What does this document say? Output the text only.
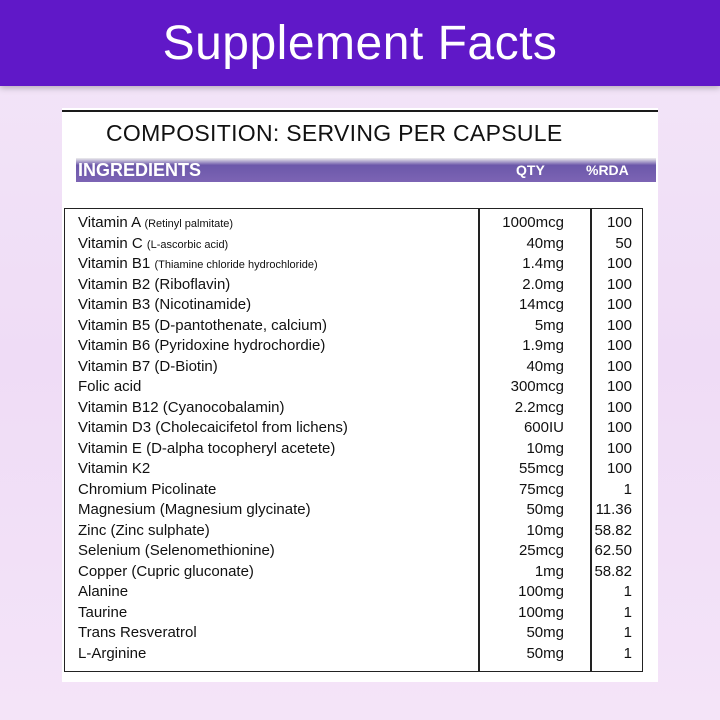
Supplement Facts
COMPOSITION: SERVING PER CAPSULE
INGREDIENTS	QTY	%RDA
Vitamin A (Retinyl palmitate)	1000mcg	100
Vitamin C (L-ascorbic acid)	40mg	50
Vitamin B1 (Thiamine chloride hydrochloride)	1.4mg	100
Vitamin B2 (Riboflavin)	2.0mg	100
Vitamin B3 (Nicotinamide)	14mcg	100
Vitamin B5 (D-pantothenate, calcium)	5mg	100
Vitamin B6 (Pyridoxine hydrochordie)	1.9mg	100
Vitamin B7 (D-Biotin)	40mg	100
Folic acid	300mcg	100
Vitamin B12 (Cyanocobalamin)	2.2mcg	100
Vitamin D3 (Cholecaicifetol from lichens)	600IU	100
Vitamin E (D-alpha tocopheryl acetete)	10mg	100
Vitamin K2	55mcg	100
Chromium Picolinate	75mcg	1
Magnesium (Magnesium glycinate)	50mg 11.36
Zinc (Zinc sulphate)	10mg 58.82
Selenium (Selenomethionine)	25mcg 62.50
Copper (Cupric gluconate)	1mg 58.82
Alanine	100mg	1
Taurine	100mg	1
Trans Resveratrol	50mg	1
L-Arginine	50mg	1
